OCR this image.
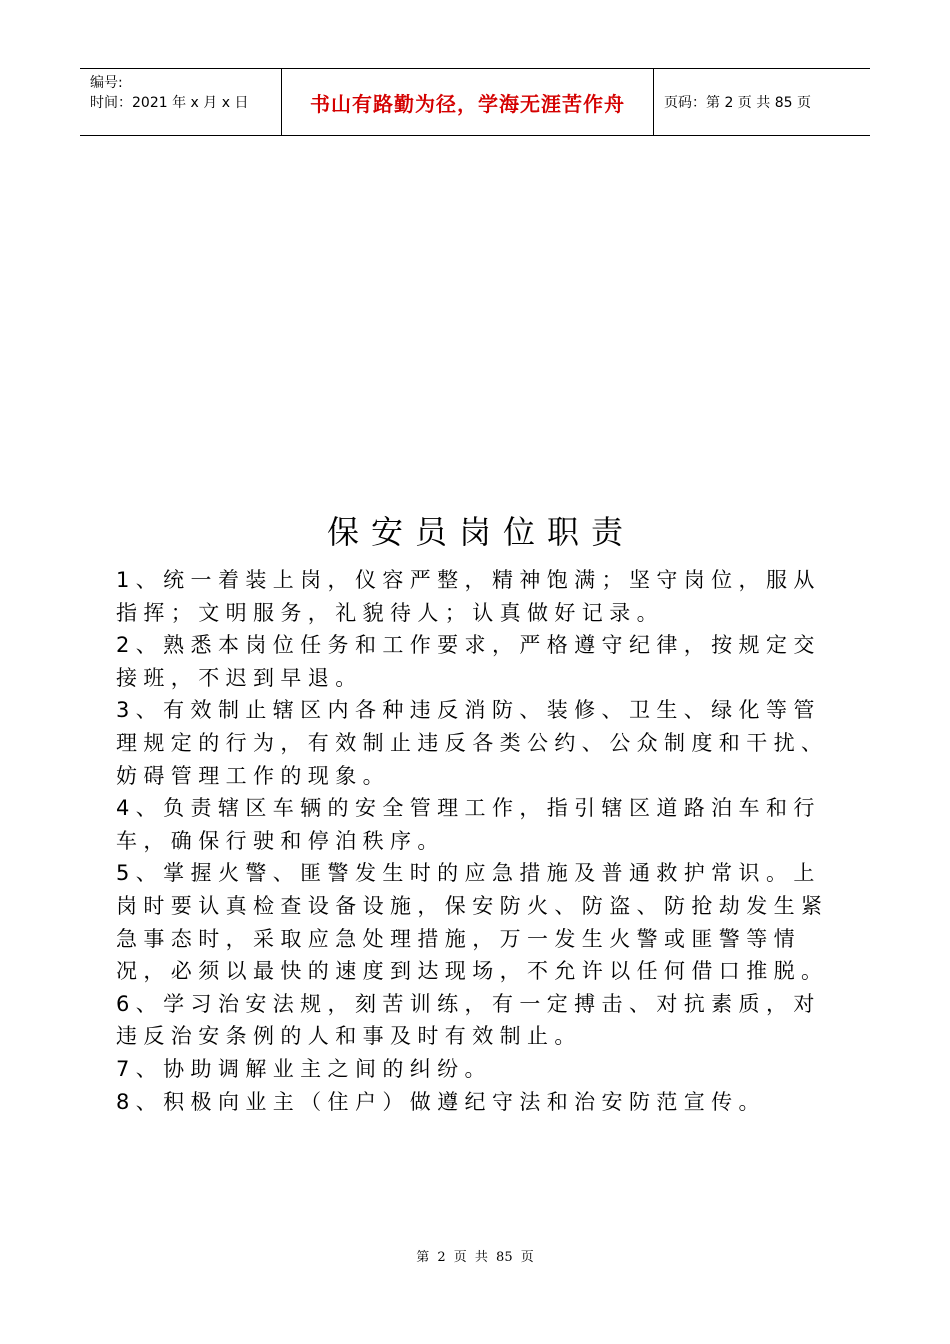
编号:
时间：2021 年 x 月 x 日	书山有路勤为径，学海无涯苦作舟	页码：第 2 页 共 85 页
保安员岗位职责

1、统一着装上岗，仪容严整，精神饱满；坚守岗位，服从指挥；文明服务，礼貌待人；认真做好记录。

2、熟悉本岗位任务和工作要求，严格遵守纪律，按规定交接班，不迟到早退。

3、有效制止辖区内各种违反消防、装修、卫生、绿化等管理规定的行为，有效制止违反各类公约、公众制度和干扰、妨碍管理工作的现象。

4、负责辖区车辆的安全管理工作，指引辖区道路泊车和行车，确保行驶和停泊秩序。

5、掌握火警、匪警发生时的应急措施及普通救护常识。上岗时要认真检查设备设施，保安防火、防盗、防抢劫发生紧急事态时，采取应急处理措施，万一发生火警或匪警等情况，必须以最快的速度到达现场，不允许以任何借口推脱。

6、学习治安法规，刻苦训练，有一定搏击、对抗素质，对违反治安条例的人和事及时有效制止。

7、协助调解业主之间的纠纷。

8、积极向业主（住户）做遵纪守法和治安防范宣传。

第 2 页 共 85 页
